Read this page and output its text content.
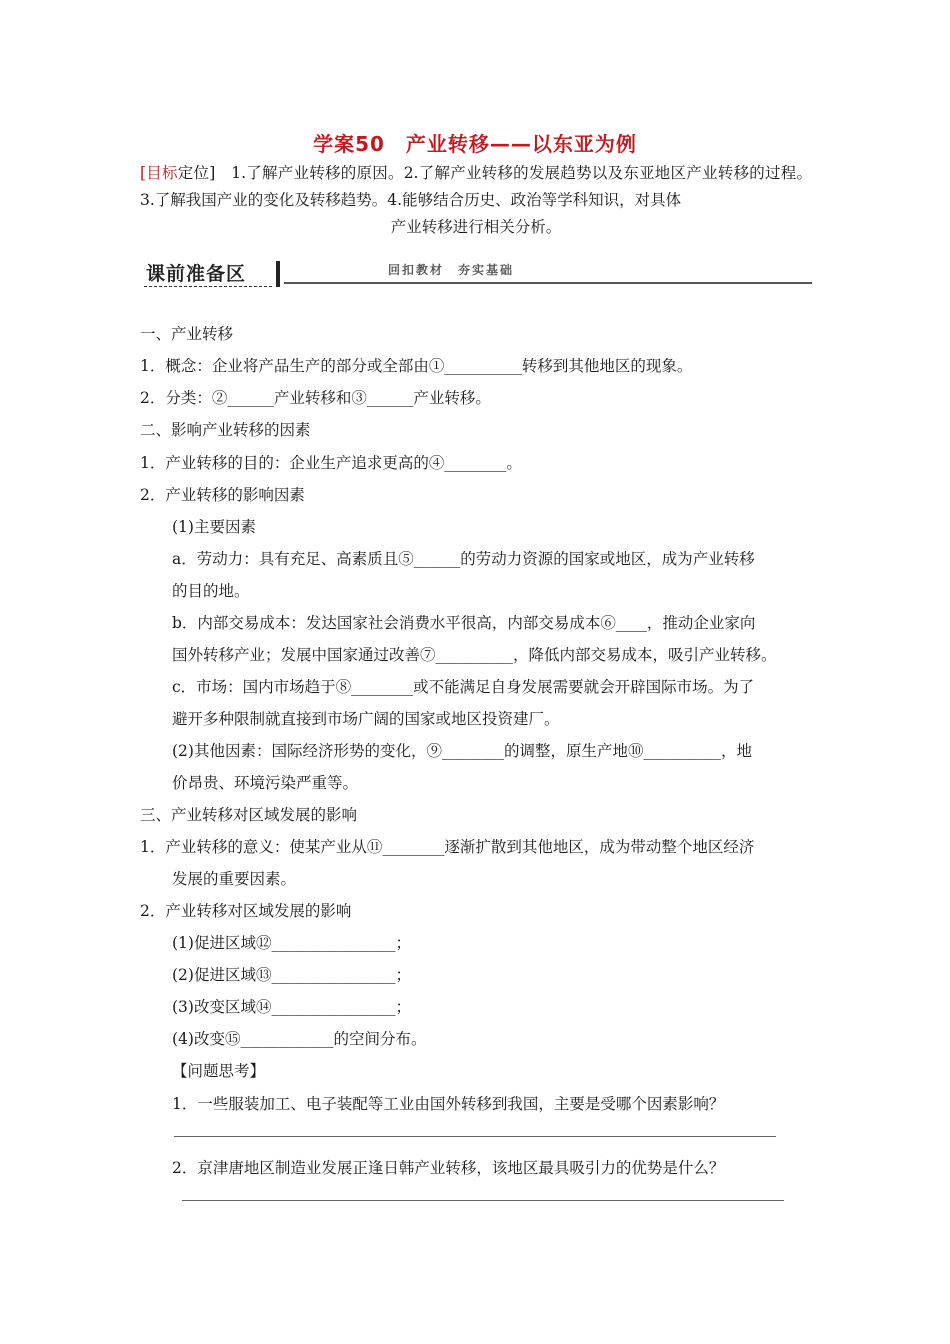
学案50　产业转移——以东亚为例
[目标定位]　1.了解产业转移的原因。2.了解产业转移的发展趋势以及东亚地区产业转移的过程。3.了解我国产业的变化及转移趋势。4.能够结合历史、政治等学科知识，对具体
产业转移进行相关分析。
课前准备区	回扣教材　夯实基础
一、产业转移
1．概念：企业将产品生产的部分或全部由①__________转移到其他地区的现象。
2．分类：②______产业转移和③______产业转移。
二、影响产业转移的因素
1．产业转移的目的：企业生产追求更高的④________。
2．产业转移的影响因素
(1)主要因素
a．劳动力：具有充足、高素质且⑤______的劳动力资源的国家或地区，成为产业转移
的目的地。
b．内部交易成本：发达国家社会消费水平很高，内部交易成本⑥____，推动企业家向
国外转移产业；发展中国家通过改善⑦__________，降低内部交易成本，吸引产业转移。
c．市场：国内市场趋于⑧________或不能满足自身发展需要就会开辟国际市场。为了
避开多种限制就直接到市场广阔的国家或地区投资建厂。
(2)其他因素：国际经济形势的变化，⑨________的调整，原生产地⑩__________，地
价昂贵、环境污染严重等。
三、产业转移对区域发展的影响
1．产业转移的意义：使某产业从⑪________逐渐扩散到其他地区，成为带动整个地区经济
发展的重要因素。
2．产业转移对区域发展的影响
(1)促进区域⑫________________；
(2)促进区域⑬________________；
(3)改变区域⑭________________；
(4)改变⑮____________的空间分布。
【问题思考】
1．一些服装加工、电子装配等工业由国外转移到我国，主要是受哪个因素影响？
2．京津唐地区制造业发展正逢日韩产业转移，该地区最具吸引力的优势是什么？
